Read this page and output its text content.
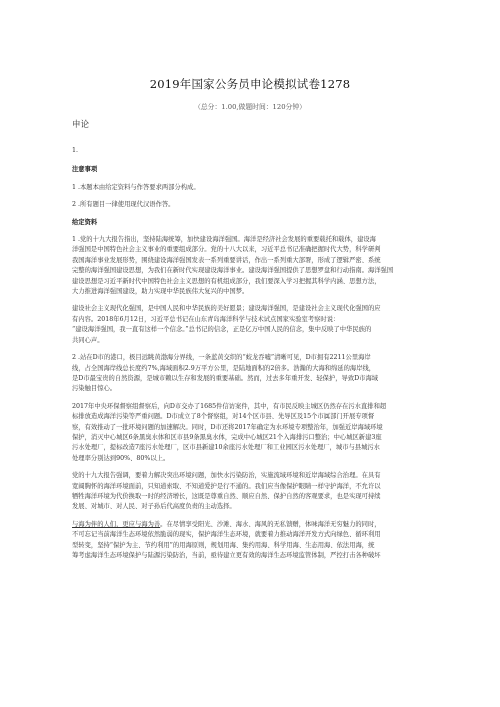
2019年国家公务员申论模拟试卷1278
（总分：1.00,做题时间：120分钟）
申论

1.

注意事项

1 .本题本由给定资料与作答要求两部分构成。

2 .所有题目一律使用现代汉语作答。

给定资料

1 .党的十九大报告指出，坚持陆海统筹，加快建设海洋强国。海洋是经济社会发展的重要载托和载体，建设海

洋强国是中国特色社会主义事业的重要组成部分。党的十八大以来，习近平总书记准确把握时代大势，科学研判

我国海洋事业发展形势，围绕建设海洋强国发表一系列重要讲话，作出一系列重大部署，形成了逻辑严密、系统

完整的海洋强国建设思想，为我们在新时代实现建设海洋事业。建设海洋强国提供了思想罗盘和行动指南。海洋强国

建设思想是习近平新时代中国特色社会主义思想的有机组成部分，我们要深入学习把握其科学内涵、思想方法，

大力推进海洋强国建设，助力实现中华民族伟大复兴的中国梦。

建设社会主义现代化强国，是中国人民和中华民族的美好愿景；建设海洋强国，是建设社会主义现代化强国的应

有内容。2018年6月12日，习近平总书记在山东青岛海洋科学与技术试点国家实验室考察时说：

“建设海洋强国，我一直有这样一个信念。”总书记的信念，正是亿万中国人民的信念，集中反映了中华民族的

共同心声。

2 .站在D市的港口，极目远眺黄渤海分界线，一条蓝黄交织的“蛟龙吞嘘”清晰可见，D市拥有2211公里海岸

线，占全国海岸线总长度约7%,海域面积2.9万平方公里，是陆地面积的2倍多。浩瀚的大海和绵延的海岸线，

是D市最宝贵的自然资源，是城市赖以生存和发展的重要基础。然而，过去多年重开发、轻保护，导致D市海域

污染触目惊心。

2017年中央环保督察组督察后，向D市交办了1685件信访案件，其中，有市民反映主城区仍然存在污水直排和超

标排放造成海洋污染等严重问题。D市成立了8个督察组，对14个区市县、先导区及15个市属部门开展专项督

察，有效推动了一批环境问题的加速解决。同时，D市还将2017年确定为水环境专项整治年，加强近岸海域环境

保护，消灭中心城区6条黑臭水体和区市县9条黑臭水体，完成中心城区21个入海排污口整治；中心城区新建3座

污水处理厂，提标改造7座污水处理厂，区市县新建10余座污水处理厂和工业园区污水处理厂，城市与县城污水

处理率分别达到90%、80%以上。

党的十九大报告强调，要着力解决突出环境问题，加快水污染防治，实施流域环境和近岸海域综合治理。在具有

宽阔胸怀的海洋环境面前，只知道索取、不知道爱护是行不通的。我们应当像保护眼睛一样守护海洋，不允许以

牺牲海洋环境为代价换取一时的经济增长，这既是尊重自然、顺应自然、保护自然的客观要求，也是实现可持续

发展、对城市、对人民、对子孙后代高度负责的主动选择。

与海为伴的人们，更应与海为善。在尽情享受阳光、沙滩、海水、海风的无私馈赠，体味海洋无穷魅力的同时，

不可忘记当前海洋生态环境依然脆弱的现实，保护海洋生态环境，就要着力推动海洋开发方式向绿色、循环利用

型转变，坚持“保护为主、节约利用”的用海原则，规划用海、集约用海、科学用海、生态用海、依法用海，统

筹考虑海洋生态环境保护与陆源污染防治，当前，亟待建立更有效的海洋生态环境监管体制，严控打击各种破坏
